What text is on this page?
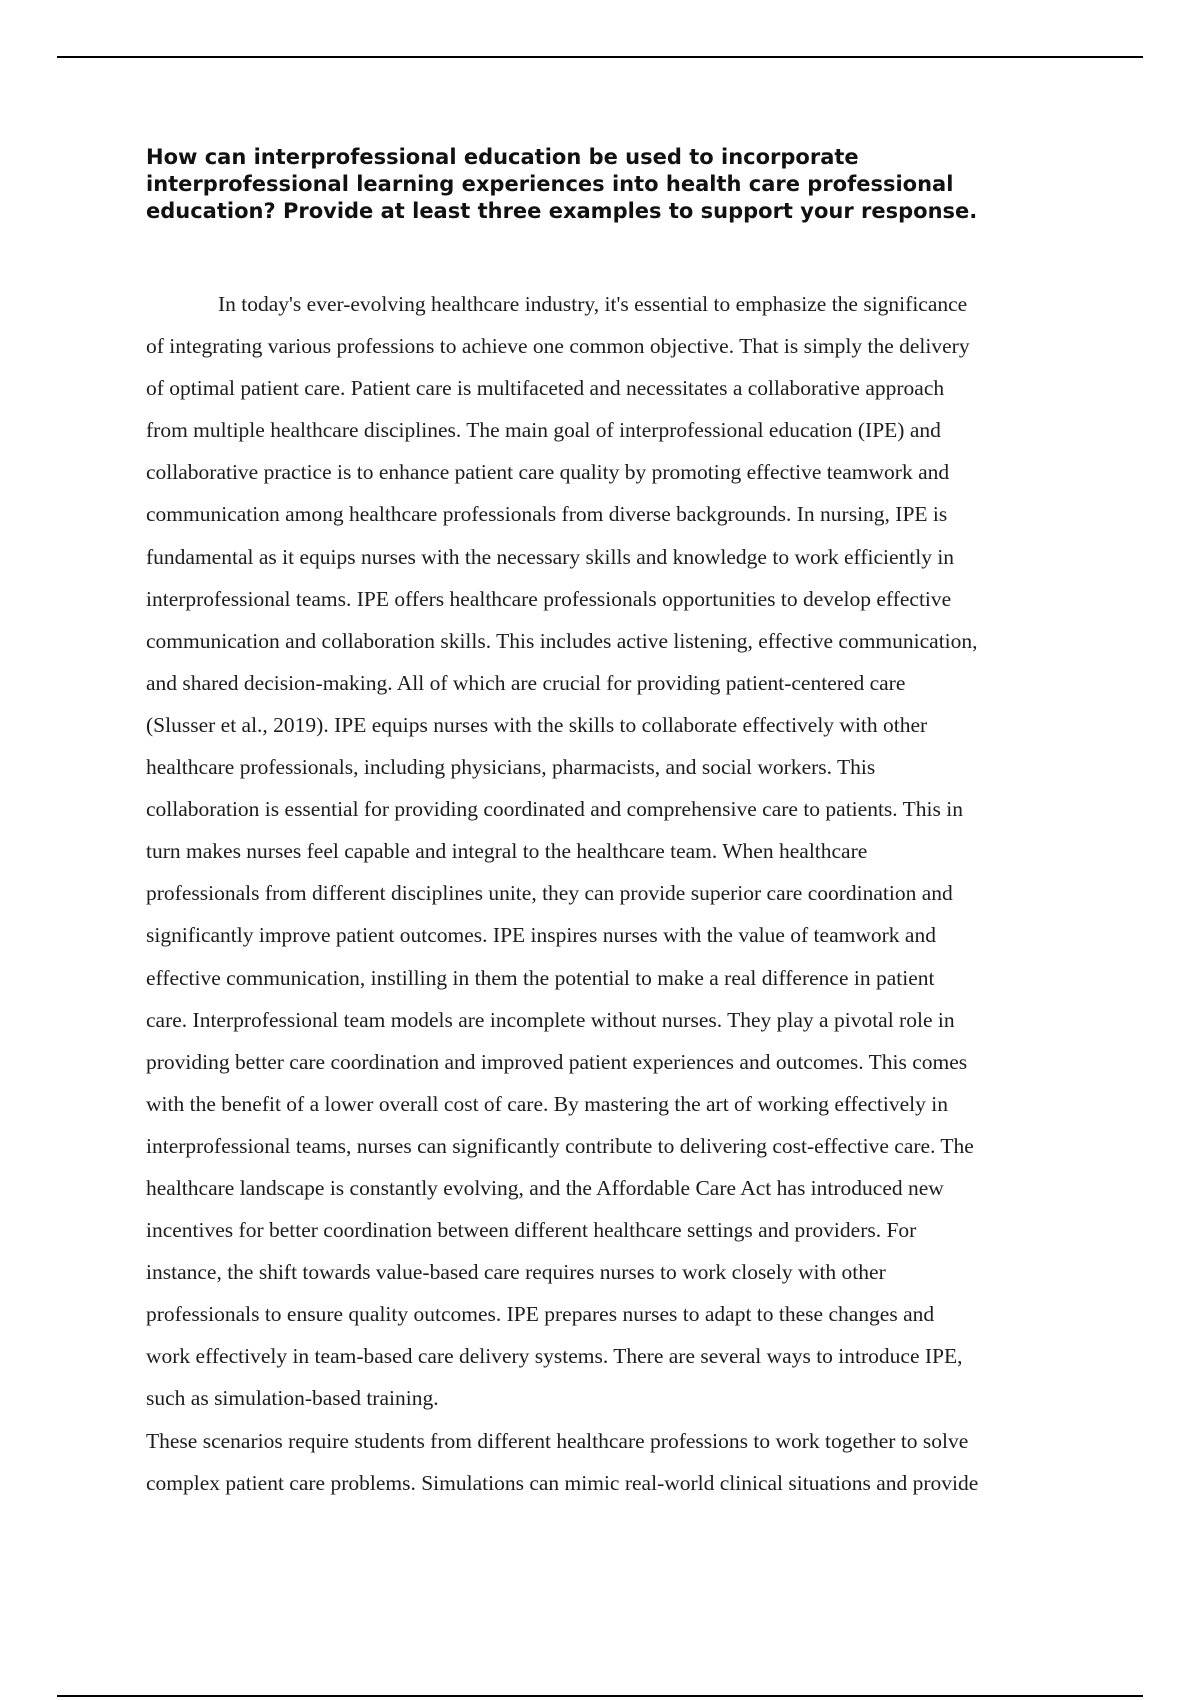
How can interprofessional education be used to incorporate
interprofessional learning experiences into health care professional
education? Provide at least three examples to support your response.
In today's ever-evolving healthcare industry, it's essential to emphasize the significance
of integrating various professions to achieve one common objective. That is simply the delivery
of optimal patient care. Patient care is multifaceted and necessitates a collaborative approach
from multiple healthcare disciplines. The main goal of interprofessional education (IPE) and
collaborative practice is to enhance patient care quality by promoting effective teamwork and
communication among healthcare professionals from diverse backgrounds. In nursing, IPE is
fundamental as it equips nurses with the necessary skills and knowledge to work efficiently in
interprofessional teams. IPE offers healthcare professionals opportunities to develop effective
communication and collaboration skills. This includes active listening, effective communication,
and shared decision-making. All of which are crucial for providing patient-centered care
(Slusser et al., 2019). IPE equips nurses with the skills to collaborate effectively with other
healthcare professionals, including physicians, pharmacists, and social workers. This
collaboration is essential for providing coordinated and comprehensive care to patients. This in
turn makes nurses feel capable and integral to the healthcare team. When healthcare
professionals from different disciplines unite, they can provide superior care coordination and
significantly improve patient outcomes. IPE inspires nurses with the value of teamwork and
effective communication, instilling in them the potential to make a real difference in patient
care. Interprofessional team models are incomplete without nurses. They play a pivotal role in
providing better care coordination and improved patient experiences and outcomes. This comes
with the benefit of a lower overall cost of care. By mastering the art of working effectively in
interprofessional teams, nurses can significantly contribute to delivering cost-effective care. The
healthcare landscape is constantly evolving, and the Affordable Care Act has introduced new
incentives for better coordination between different healthcare settings and providers. For
instance, the shift towards value-based care requires nurses to work closely with other
professionals to ensure quality outcomes. IPE prepares nurses to adapt to these changes and
work effectively in team-based care delivery systems. There are several ways to introduce IPE,
such as simulation-based training.
These scenarios require students from different healthcare professions to work together to solve
complex patient care problems. Simulations can mimic real-world clinical situations and provide
